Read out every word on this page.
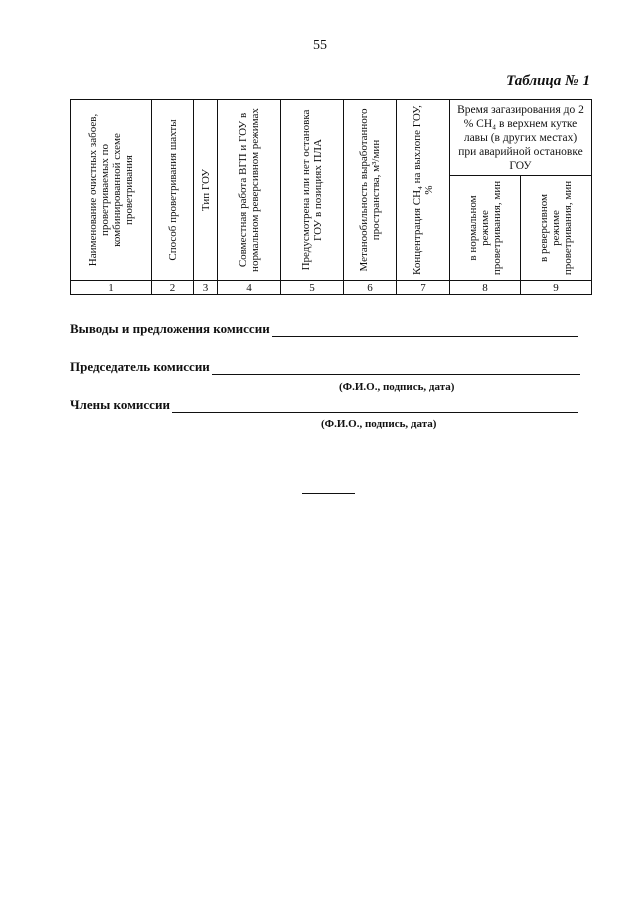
55
Таблица № 1
Наименование очистных забоев, проветриваемых по комбинированной схеме проветривания	Способ проветривания шахты	Тип ГОУ	Совместная работа ВГП и ГОУ в нормальном реверсивном режимах	Предусмотрена или нет остановка ГОУ в позициях ПЛА	Метанообильность выработанного пространства, м³/мин	Концентрация CH₄ на выхлопе ГОУ, %	Время загазирования до 2 % CH₄ в верхнем кутке лавы (в других местах) при аварийной остановке ГОУ	

							в нормальном режиме проветривания, мин	в реверсивном режиме проветривания, мин

1	2	3	4	5	6	7	8	9
Выводы и предложения комиссии
Председатель комиссии
(Ф.И.О., подпись, дата)
Члены комиссии
(Ф.И.О., подпись, дата)
